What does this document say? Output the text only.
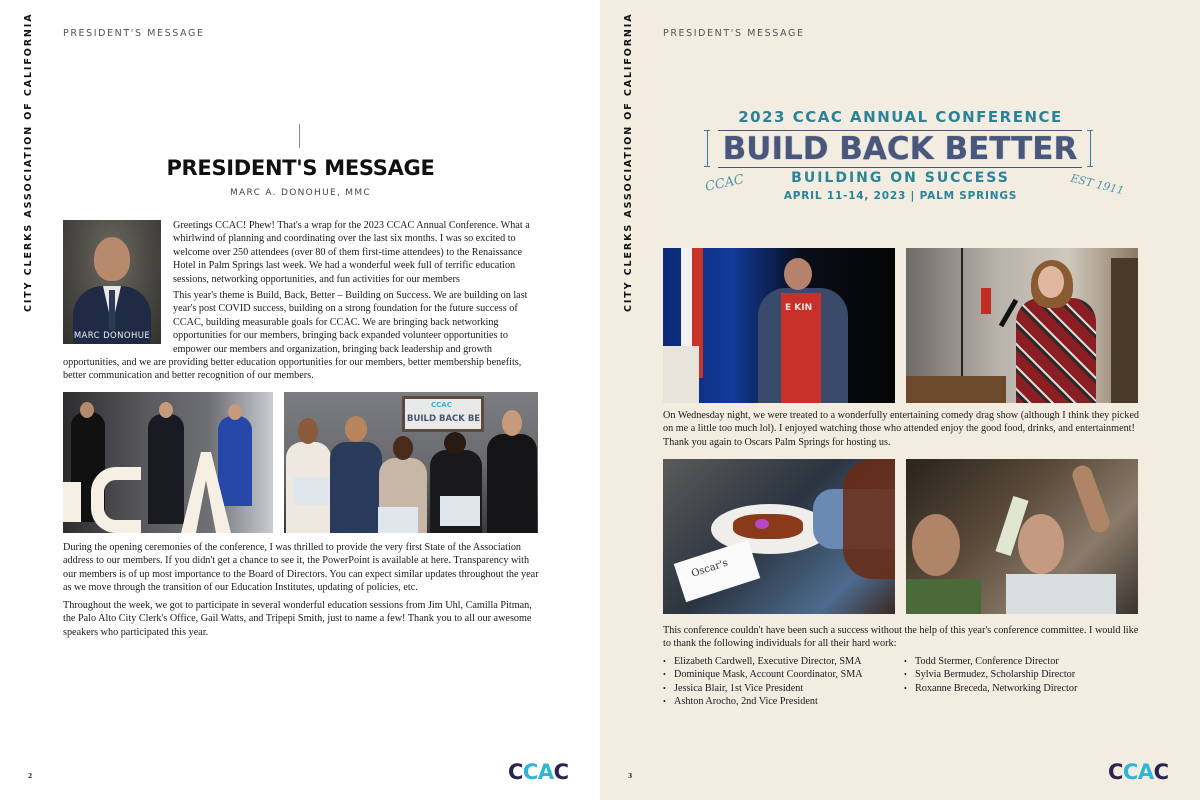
PRESIDENT'S MESSAGE
CITY CLERKS ASSOCIATION OF CALIFORNIA	PRESIDENT'S MESSAGE
MARC A. DONOHUE, MMC
MARC DONOHUE

Greetings CCAC! Phew! That's a wrap for the 2023 CCAC Annual Conference. What a whirlwind of planning and coordinating over the last six months. I was so excited to welcome over 250 attendees (over 80 of them first-time attendees) to the Renaissance Hotel in Palm Springs last week. We had a wonderful week full of terrific education sessions, networking opportunities, and fun activities for our members

This year's theme is Build, Back, Better – Building on Success. We are building on last year's post COVID success, building on a strong foundation for the future success of CCAC, building measurable goals for CCAC. We are bringing back networking opportunities for our members, bringing back expanded volunteer opportunities to empower our members and organization, bringing back leadership and growth opportunities, and we are providing better education opportunities for our members, better membership benefits, better communication and better recognition of our members.

CCAC
BUILD BACK BE

During the opening ceremonies of the conference, I was thrilled to provide the very first State of the Association address to our members. If you didn't get a chance to see it, the PowerPoint is available at here. Transparency with our members is of up most importance to the Board of Directors. You can expect similar updates throughout the year as we move through the transition of our Education Institutes, updating of policies, etc.

Throughout the week, we got to participate in several wonderful education sessions from Jim Uhl, Camilla Pitman, the Palo Alto City Clerk's Office, Gail Watts, and Tripepi Smith, just to name a few! Thank you to all our awesome speakers who participated this year.

2	CCAC
PRESIDENT'S MESSAGE
CITY CLERKS ASSOCIATION OF CALIFORNIA
3	CCAC
2023 CCAC ANNUAL CONFERENCE
BUILD BACK BETTER
CCAC	BUILDING ON SUCCESS
APRIL 11-14, 2023 | PALM SPRINGS	EST 1911
E KIN

On Wednesday night, we were treated to a wonderfully entertaining comedy drag show (although I think they picked on me a little too much lol). I enjoyed watching those who attended enjoy the good food, drinks, and entertainment! Thank you again to Oscars Palm Springs for hosting us.

Oscar's

This conference couldn't have been such a success without the help of this year's conference committee. I would like to thank the following individuals for all their hard work:

• Elizabeth Cardwell, Executive Director, SMA
• Dominique Mask, Account Coordinator, SMA
• Jessica Blair, 1st Vice President
• Ashton Arocho, 2nd Vice President
• Todd Stermer, Conference Director
• Sylvia Bermudez, Scholarship Director
• Roxanne Breceda, Networking Director
